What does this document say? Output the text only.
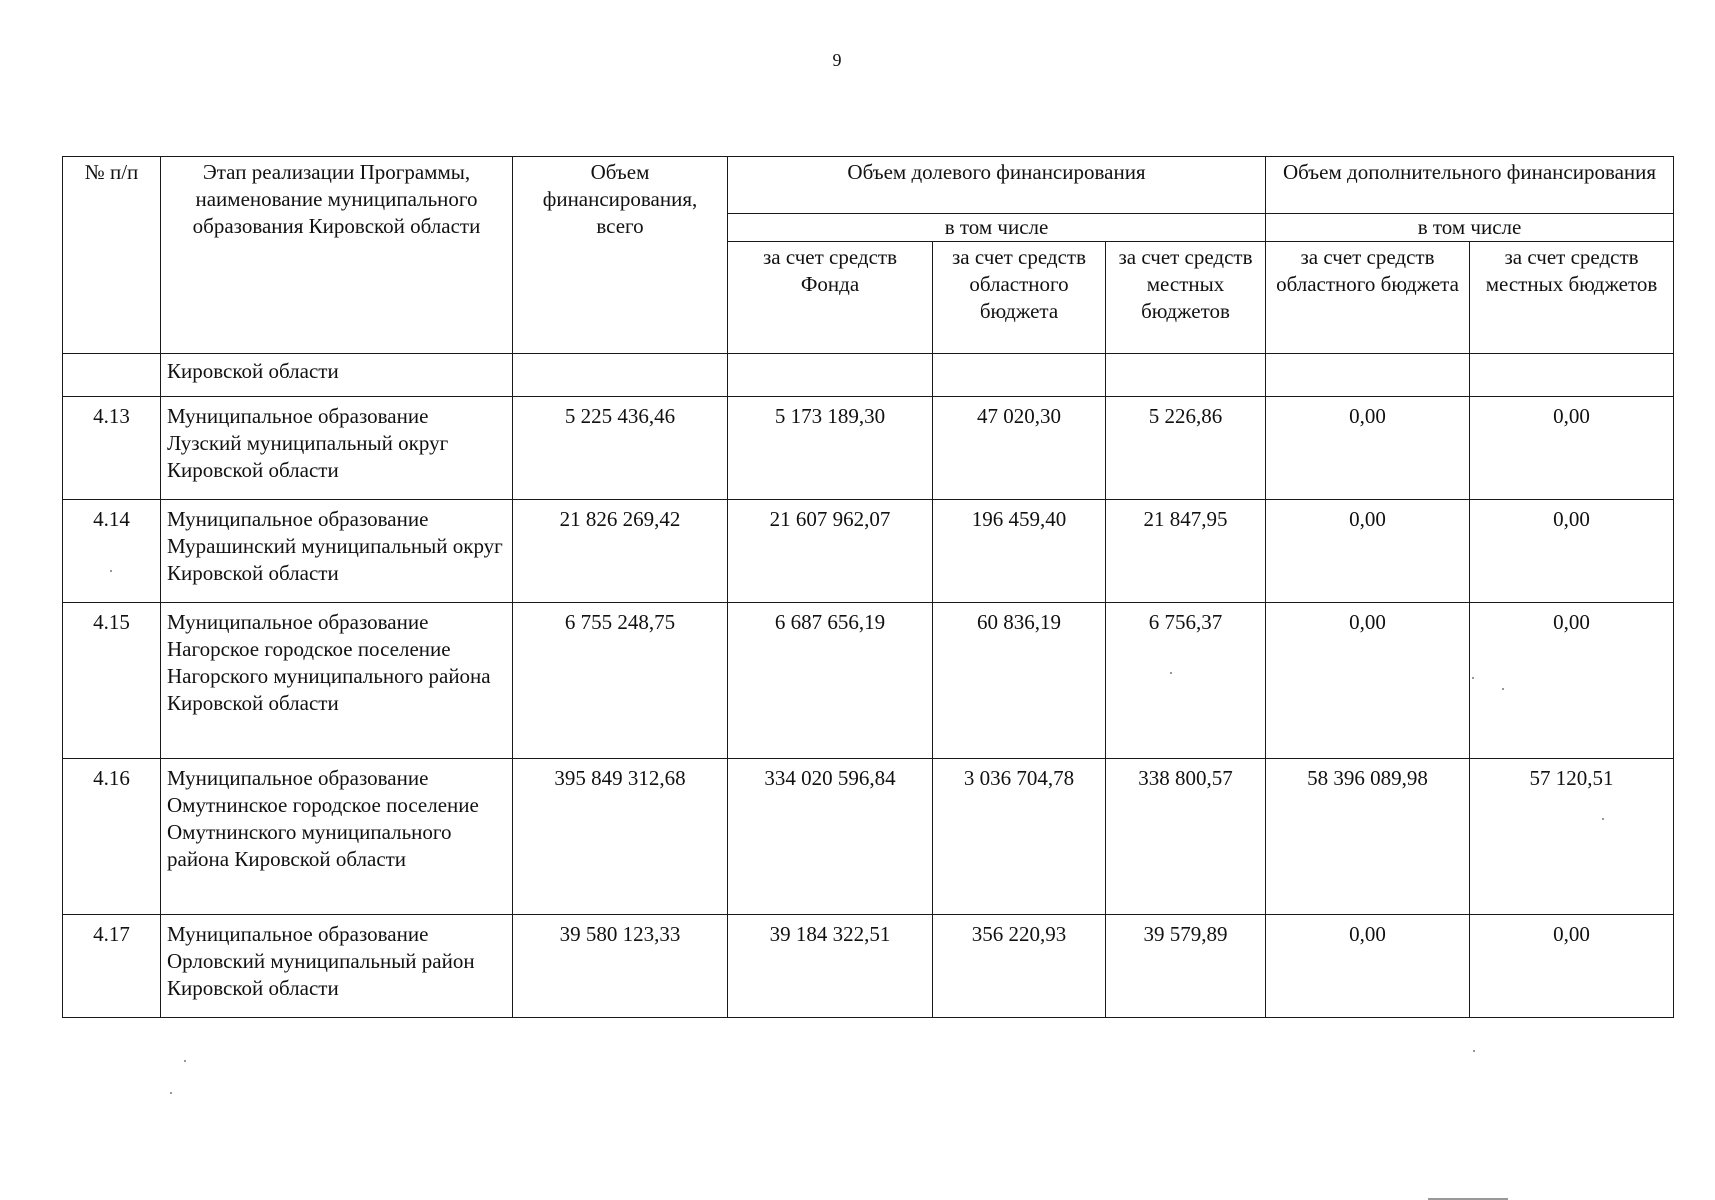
9
№ п/п	Этап реализации Программы, наименование муниципального образования Кировской области	Объем финансирования, всего	Объем долевого финансирования			Объем дополнительного финансирования	
			в том числе			в том числе	
			за счет средств Фонда	за счет средств областного бюджета	за счет средств местных бюджетов	за счет средств областного бюджета	за счет средств местных бюджетов
	Кировской области						
4.13	Муниципальное образование Лузский муниципальный округ Кировской области	5 225 436,46	5 173 189,30	47 020,30	5 226,86	0,00	0,00
4.14	Муниципальное образование Мурашинский муниципальный округ Кировской области	21 826 269,42	21 607 962,07	196 459,40	21 847,95	0,00	0,00
4.15	Муниципальное образование Нагорское городское поселение Нагорского муниципального района Кировской области	6 755 248,75	6 687 656,19	60 836,19	6 756,37	0,00	0,00
4.16	Муниципальное образование Омутнинское городское поселение Омутнинского муниципального района Кировской области	395 849 312,68	334 020 596,84	3 036 704,78	338 800,57	58 396 089,98	57 120,51
4.17	Муниципальное образование Орловский муниципальный район Кировской области	39 580 123,33	39 184 322,51	356 220,93	39 579,89	0,00	0,00
